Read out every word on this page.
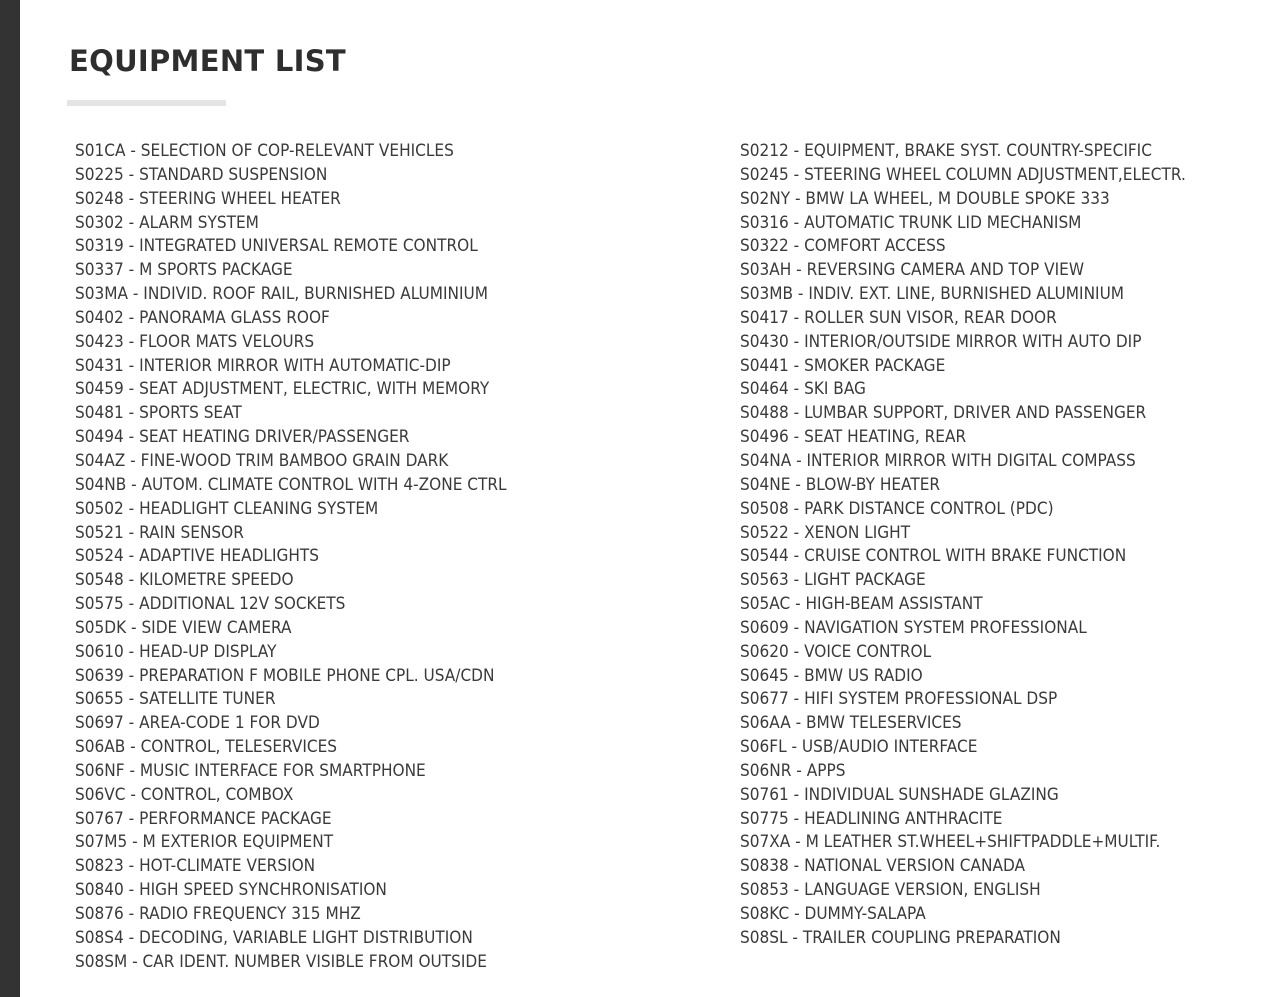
EQUIPMENT LIST
S01CA - SELECTION OF COP-RELEVANT VEHICLES
S0225 - STANDARD SUSPENSION
S0248 - STEERING WHEEL HEATER
S0302 - ALARM SYSTEM
S0319 - INTEGRATED UNIVERSAL REMOTE CONTROL
S0337 - M SPORTS PACKAGE
S03MA - INDIVID. ROOF RAIL, BURNISHED ALUMINIUM
S0402 - PANORAMA GLASS ROOF
S0423 - FLOOR MATS VELOURS
S0431 - INTERIOR MIRROR WITH AUTOMATIC-DIP
S0459 - SEAT ADJUSTMENT, ELECTRIC, WITH MEMORY
S0481 - SPORTS SEAT
S0494 - SEAT HEATING DRIVER/PASSENGER
S04AZ - FINE-WOOD TRIM BAMBOO GRAIN DARK
S04NB - AUTOM. CLIMATE CONTROL WITH 4-ZONE CTRL
S0502 - HEADLIGHT CLEANING SYSTEM
S0521 - RAIN SENSOR
S0524 - ADAPTIVE HEADLIGHTS
S0548 - KILOMETRE SPEEDO
S0575 - ADDITIONAL 12V SOCKETS
S05DK - SIDE VIEW CAMERA
S0610 - HEAD-UP DISPLAY
S0639 - PREPARATION F MOBILE PHONE CPL. USA/CDN
S0655 - SATELLITE TUNER
S0697 - AREA-CODE 1 FOR DVD
S06AB - CONTROL, TELESERVICES
S06NF - MUSIC INTERFACE FOR SMARTPHONE
S06VC - CONTROL, COMBOX
S0767 - PERFORMANCE PACKAGE
S07M5 - M EXTERIOR EQUIPMENT
S0823 - HOT-CLIMATE VERSION
S0840 - HIGH SPEED SYNCHRONISATION
S0876 - RADIO FREQUENCY 315 MHZ
S08S4 - DECODING, VARIABLE LIGHT DISTRIBUTION
S08SM - CAR IDENT. NUMBER VISIBLE FROM OUTSIDE
S0212 - EQUIPMENT, BRAKE SYST. COUNTRY-SPECIFIC
S0245 - STEERING WHEEL COLUMN ADJUSTMENT,ELECTR.
S02NY - BMW LA WHEEL, M DOUBLE SPOKE 333
S0316 - AUTOMATIC TRUNK LID MECHANISM
S0322 - COMFORT ACCESS
S03AH - REVERSING CAMERA AND TOP VIEW
S03MB - INDIV. EXT. LINE, BURNISHED ALUMINIUM
S0417 - ROLLER SUN VISOR, REAR DOOR
S0430 - INTERIOR/OUTSIDE MIRROR WITH AUTO DIP
S0441 - SMOKER PACKAGE
S0464 - SKI BAG
S0488 - LUMBAR SUPPORT, DRIVER AND PASSENGER
S0496 - SEAT HEATING, REAR
S04NA - INTERIOR MIRROR WITH DIGITAL COMPASS
S04NE - BLOW-BY HEATER
S0508 - PARK DISTANCE CONTROL (PDC)
S0522 - XENON LIGHT
S0544 - CRUISE CONTROL WITH BRAKE FUNCTION
S0563 - LIGHT PACKAGE
S05AC - HIGH-BEAM ASSISTANT
S0609 - NAVIGATION SYSTEM PROFESSIONAL
S0620 - VOICE CONTROL
S0645 - BMW US RADIO
S0677 - HIFI SYSTEM PROFESSIONAL DSP
S06AA - BMW TELESERVICES
S06FL - USB/AUDIO INTERFACE
S06NR - APPS
S0761 - INDIVIDUAL SUNSHADE GLAZING
S0775 - HEADLINING ANTHRACITE
S07XA - M LEATHER ST.WHEEL+SHIFTPADDLE+MULTIF.
S0838 - NATIONAL VERSION CANADA
S0853 - LANGUAGE VERSION, ENGLISH
S08KC - DUMMY-SALAPA
S08SL - TRAILER COUPLING PREPARATION
